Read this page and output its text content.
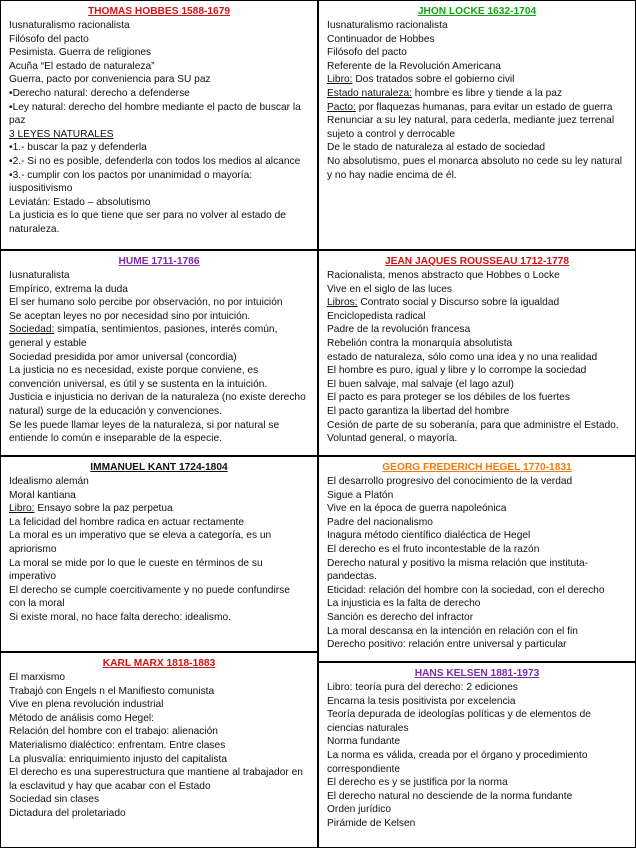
THOMAS HOBBES 1588-1679
Iusnaturalismo racionalista
Filósofo del pacto
Pesimista. Guerra de religiones
Acuña “El estado de naturaleza”
Guerra, pacto por conveniencia para SU paz
•Derecho natural: derecho a defenderse
•Ley natural: derecho del hombre mediante el pacto de buscar la paz
3 LEYES NATURALES
•1.- buscar la paz y defenderla
•2.- Si no es posible, defenderla con todos los medios al alcance
•3.- cumplir con los pactos por unanimidad o mayoría: iuspositivismo
Leviatán: Estado – absolutismo
La justicia es lo que tiene que ser para no volver al estado de naturaleza.
HUME 1711-1786
Iusnaturalista
Empírico, extrema la duda
El ser humano solo percibe por observación, no por intuición
Se aceptan leyes no por necesidad sino por intuición.
Sociedad: simpatía, sentimientos, pasiones, interés común, general y estable
Sociedad presidida por amor universal (concordia)
La justicia no es necesidad, existe porque conviene, es convención universal, es útil y se sustenta en la intuición.
Justicia e injusticia no derivan de la naturaleza (no existe derecho natural) surge de la educación y convenciones.
Se les puede llamar leyes de la naturaleza, si por natural se entiende lo común e inseparable de la especie.
IMMANUEL KANT 1724-1804
Idealismo alemán
Moral kantiana
Libro: Ensayo sobre la paz perpetua
La felicidad del hombre radica en actuar rectamente
La moral es un imperativo que se eleva a categoría, es un apriorismo
La moral se mide por lo que le cueste en términos de su imperativo
El derecho se cumple coercitivamente y no puede confundirse con la moral
Si existe moral, no hace falta derecho: idealismo.
KARL MARX 1818-1883
El marxismo
Trabajó con Engels n el Manifiesto comunista
Vive en plena revolución industrial
Método de análisis como Hegel:
Relación del hombre con el trabajo: alienación
Materialismo dialéctico: enfrentam. Entre clases
La plusvalía: enriquimiento injusto del capitalista
El derecho es una superestructura que mantiene al trabajador en la esclavitud y hay que acabar con el Estado
Sociedad sin clases
Dictadura del proletariado
JHON LOCKE 1632-1704
Iusnaturalismo racionalista
Continuador de Hobbes
Filósofo del pacto
Referente de la Revolución Americana
Libro: Dos tratados sobre el gobierno civil
Estado naturaleza: hombre es libre y tiende a la paz
Pacto: por flaquezas humanas, para evitar un estado de guerra
Renunciar a su ley natural, para cederla, mediante juez terrenal sujeto a control y derrocable
De le stado de naturaleza al estado de sociedad
No absolutismo, pues el monarca absoluto no cede su ley natural y no hay nadie encima de él.
JEAN JAQUES ROUSSEAU 1712-1778
Racionalista, menos abstracto que Hobbes o Locke
Vive en el siglo de las luces
Libros: Contrato social y Discurso sobre la igualdad
Enciclopedista radical
Padre de la revolución francesa
Rebelión contra la monarquía absolutista
estado de naturaleza, sólo como una idea y no una realidad
El hombre es puro, igual y libre y lo corrompe la sociedad
El buen salvaje, mal salvaje (el lago azul)
El pacto es para proteger se los débiles de los fuertes
El pacto garantiza la libertad del hombre
Cesión de parte de su soberanía, para que administre el Estado. Voluntad general, o mayoría.
GEORG FREDERICH HEGEL 1770-1831
El desarrollo progresivo del conocimiento de la verdad
Sigue a Platón
Vive en la época de guerra napoleónica
Padre del nacionalismo
Inagura método científico dialéctica de Hegel
El derecho es el fruto incontestable de la razón
Derecho natural y positivo la misma relación que instituta-pandectas.
Eticidad: relación del hombre con la sociedad, con el derecho
La injusticia es la falta de derecho
Sanción es derecho del infractor
La moral descansa en la intención en relación con el fin
Derecho positivo: relación entre universal y particular
HANS KELSEN 1881-1973
Libro: teoría pura del derecho: 2 ediciones
Encarna la tesis positivista por excelencia
Teoría depurada de ideologías políticas y de elementos de ciencias naturales
Norma fundante
La norma es válida, creada por el órgano y procedimiento correspondiente
El derecho es y se justifica por la norma
El derecho natural no desciende de la norma fundante
Orden jurídico
Pirámide de Kelsen
